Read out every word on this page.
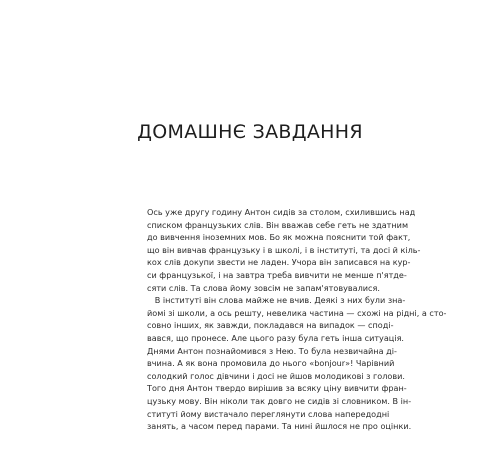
ДОМАШНЄ ЗАВДАННЯ
Ось уже другу годину Антон сидів за столом, схилившись над
списком французьких слів. Він вважав себе геть не здатним
до вивчення іноземних мов. Бо як можна пояснити той факт,
що він вивчав французьку і в школі, і в інституті, та досі й кіль-
кох слів докупи звести не ладен. Учора він записався на кур-
си французької, і на завтра треба вивчити не менше п'ятде-
сяти слів. Та слова йому зовсім не запам'ятовувалися.
В інституті він слова майже не вчив. Деякі з них були зна-
йомі зі школи, а ось решту, невелика частина — схожі на рідні, а сто-
совно інших, як завжди, покладався на випадок — споді-
вався, що пронесе. Але цього разу була геть інша ситуація.
Днями Антон познайомився з Нею. То була незвичайна ді-
вчина. А як вона промовила до нього «bonjour»! Чарівний
солодкий голос дівчини і досі не йшов молодикові з голови.
Того дня Антон твердо вирішив за всяку ціну вивчити фран-
цузьку мову. Він ніколи так довго не сидів зі словником. В ін-
ституті йому вистачало переглянути слова напередодні
занять, а часом перед парами. Та нині йшлося не про оцінки.
